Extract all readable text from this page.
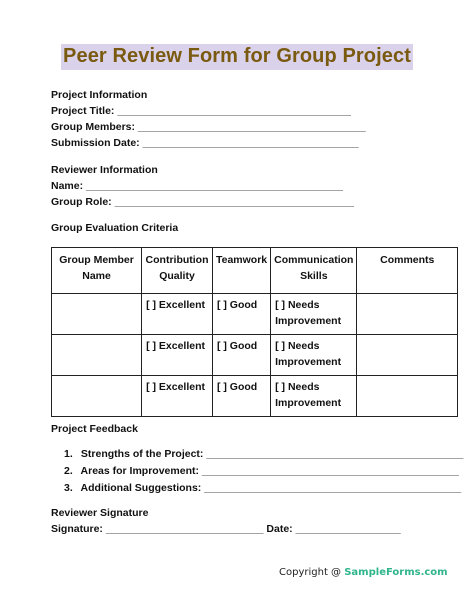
Peer Review Form for Group Project
Project Information
Project Title: ________________________________________
Group Members: _______________________________________
Submission Date: _____________________________________
Reviewer Information
Name: ____________________________________________
Group Role: _________________________________________
Group Evaluation Criteria
Group Member Name	Contribution Quality	Teamwork	Communication Skills	Comments
	[ ] Excellent	[ ] Good	[ ] Needs Improvement	
	[ ] Excellent	[ ] Good	[ ] Needs Improvement	
	[ ] Excellent	[ ] Good	[ ] Needs Improvement	
Project Feedback
1. Strengths of the Project: ____________________________________________
2. Areas for Improvement: ____________________________________________
3. Additional Suggestions: ____________________________________________
Reviewer Signature
Signature: ___________________________ Date: __________________
Copyright @ SampleForms.com
